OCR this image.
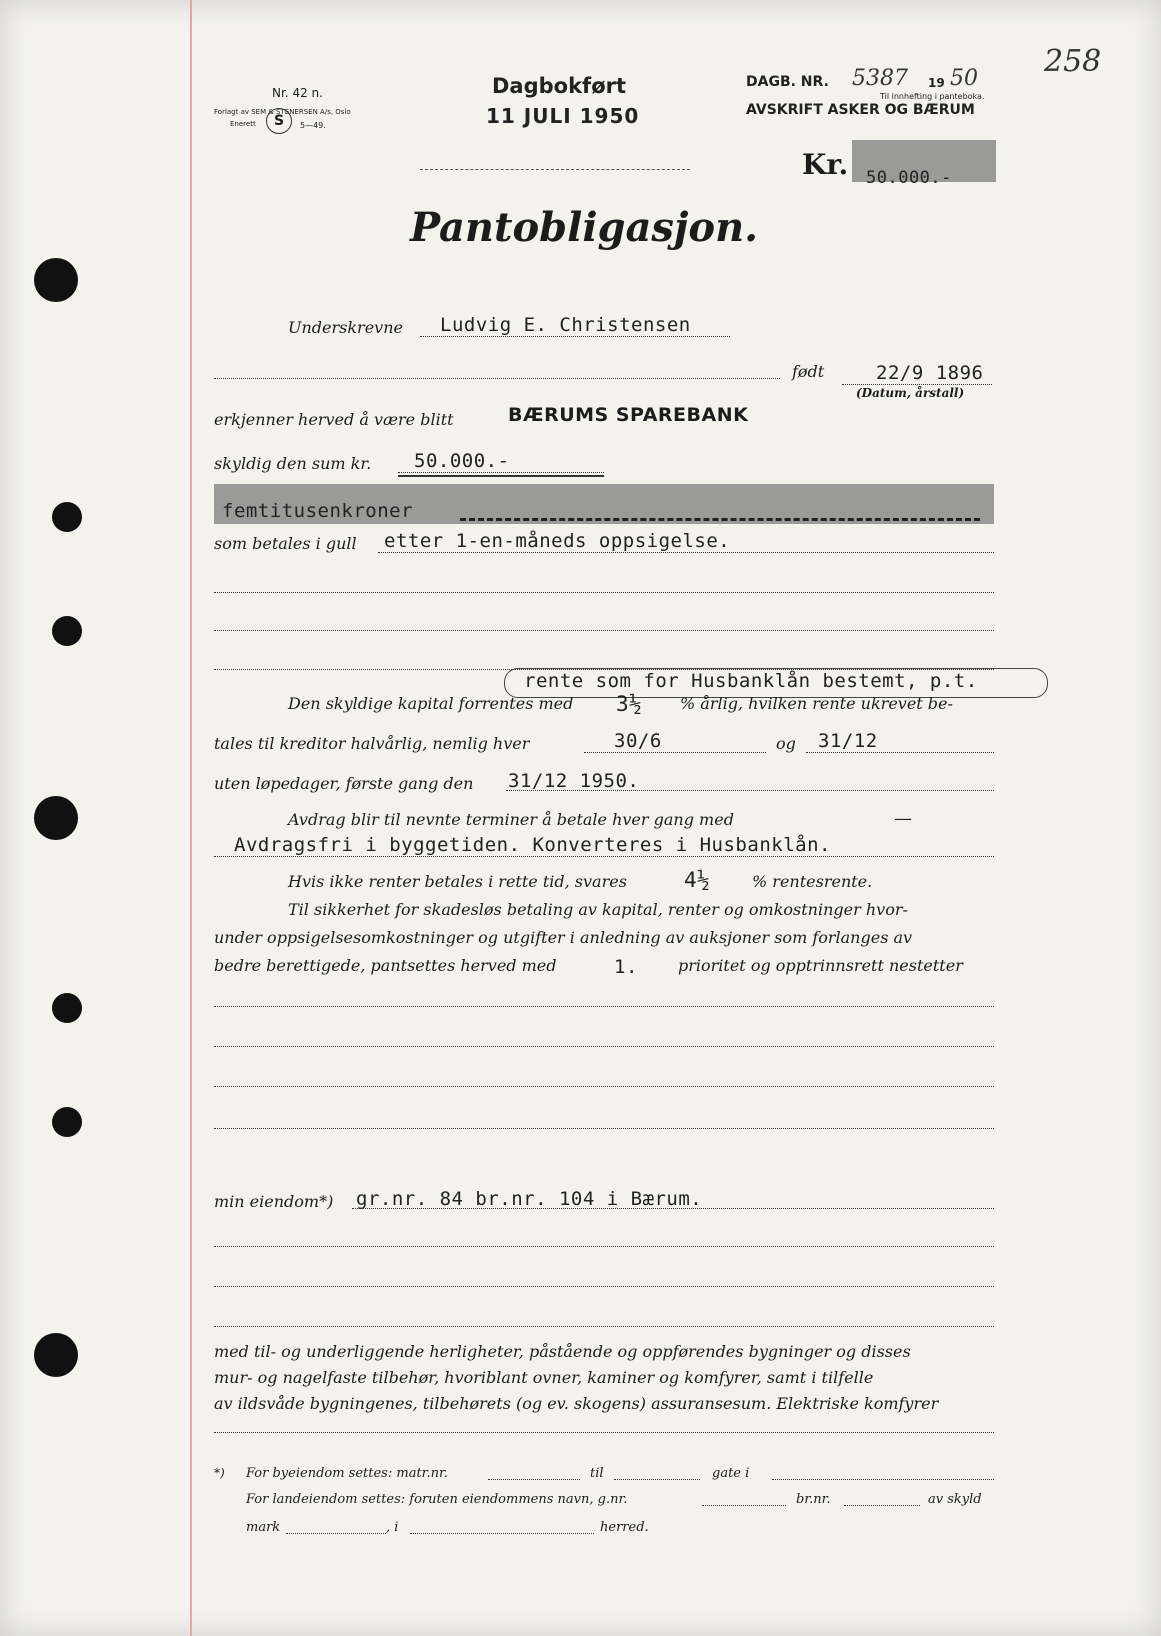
Nr. 42 n.
Forlagt av SEM & STENERSEN A/s, Oslo
Enerett	S	5—49.
Dagbokført
11 JULI 1950
DAGB. NR. 5387 19 50
Til innhefting i panteboka.
AVSKRIFT ASKER OG BÆRUM
258
Kr. 50.000.-
Pantobligasjon.
Underskrevne Ludvig E. Christensen
født	22/9 1896
(Datum, årstall)
erkjenner herved å være blitt	BÆRUMS SPAREBANK
skyldig den sum kr. 50.000.-
femtitusenkroner
som betales i gull etter 1-en-måneds oppsigelse.
rente som for Husbanklån bestemt, p.t.
Den skyldige kapital forrentes med 3½ % årlig, hvilken rente ukrevet be-
tales til kreditor halvårlig, nemlig hver	30/6	og 31/12
uten løpedager, første gang den 31/12 1950.
Avdrag blir til nevnte terminer å betale hver gang med	—
Avdragsfri i byggetiden. Konverteres i Husbanklån.
Hvis ikke renter betales i rette tid, svares	4½	% rentesrente.
Til sikkerhet for skadesløs betaling av kapital, renter og omkostninger hvor-
under oppsigelsesomkostninger og utgifter i anledning av auksjoner som forlanges av
bedre berettigede, pantsettes herved med	1.	prioritet og opptrinnsrett nestetter
min eiendom*) gr.nr. 84 br.nr. 104 i Bærum.
med til- og underliggende herligheter, påstående og oppførendes bygninger og disses
mur- og nagelfaste tilbehør, hvoriblant ovner, kaminer og komfyrer, samt i tilfelle
av ildsvåde bygningenes, tilbehørets (og ev. skogens) assuransesum. Elektriske komfyrer
*) For byeiendom settes: matr.nr.	til	gate i
For landeiendom settes: foruten eiendommens navn, g.nr.	br.nr.	av skyld
mark	, i	herred.
